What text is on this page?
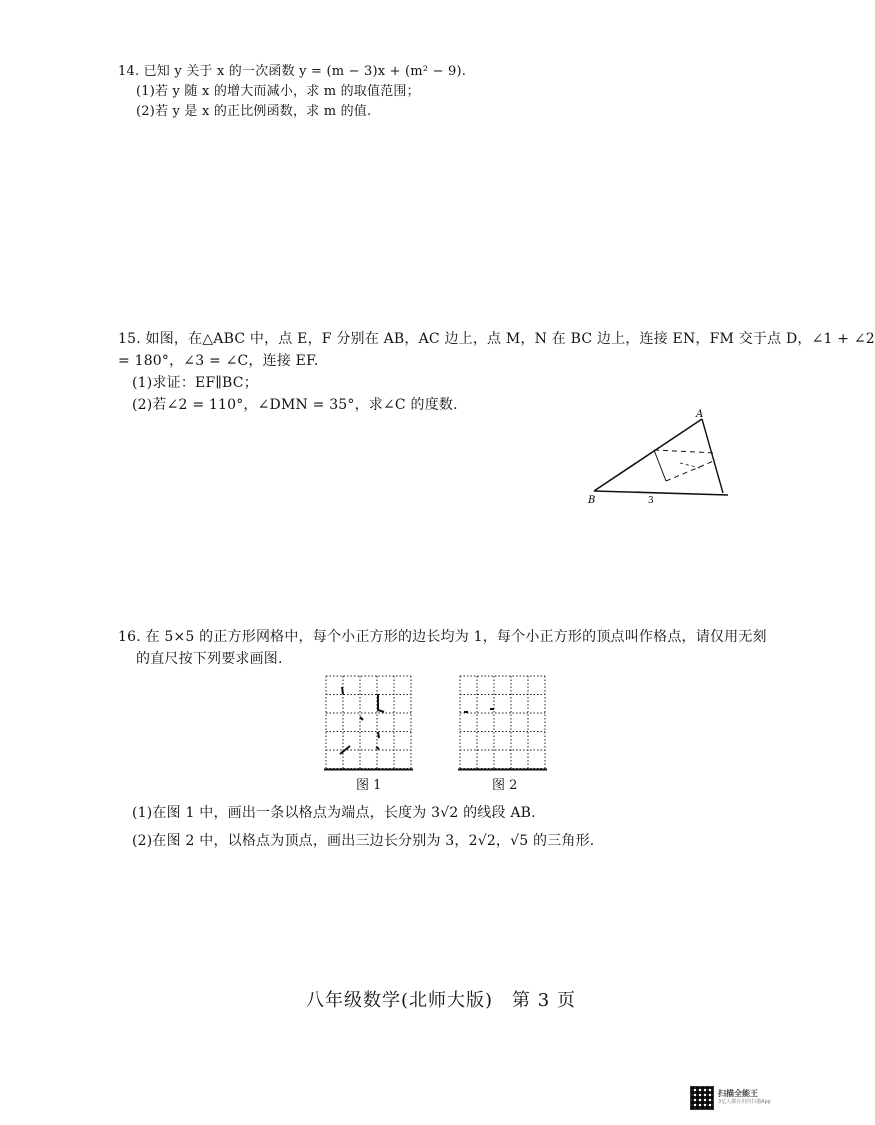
14. 已知 y 关于 x 的一次函数 y = (m − 3)x + (m² − 9).
(1)若 y 随 x 的增大而减小，求 m 的取值范围；
(2)若 y 是 x 的正比例函数，求 m 的值.
15. 如图，在△ABC 中，点 E，F 分别在 AB，AC 边上，点 M，N 在 BC 边上，连接 EN，FM 交于点 D，∠1 + ∠2
= 180°，∠3 = ∠C，连接 EF.
(1)求证：EF∥BC；
(2)若∠2 = 110°，∠DMN = 35°，求∠C 的度数.
A
B	3
16. 在 5×5 的正方形网格中，每个小正方形的边长均为 1，每个小正方形的顶点叫作格点，请仅用无刻
的直尺按下列要求画图.
图 1	图 2
(1)在图 1 中，画出一条以格点为端点，长度为 3√2 的线段 AB.
(2)在图 2 中，以格点为顶点，画出三边长分别为 3，2√2，√5 的三角形.
八年级数学(北师大版)　第 3 页
扫描全能王
3亿人都在用的扫描App
